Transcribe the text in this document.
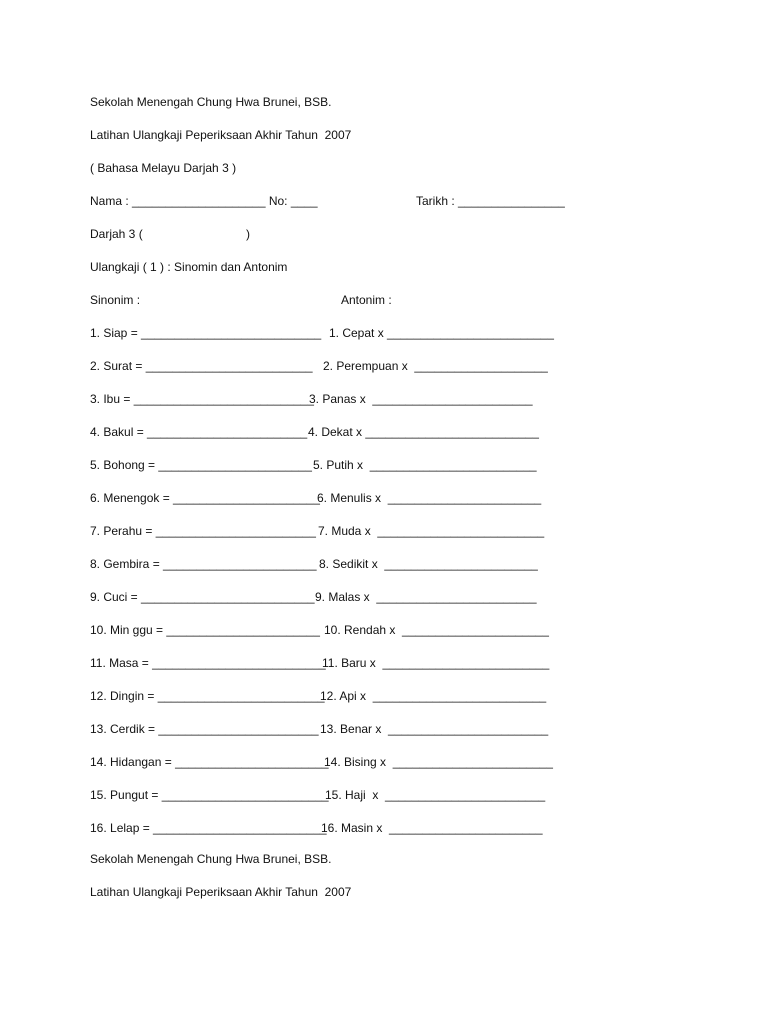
Sekolah Menengah Chung Hwa Brunei, BSB.
Latihan Ulangkaji Peperiksaan Akhir Tahun  2007
( Bahasa Melayu Darjah 3 )
Nama : ____________________ No: ____	Tarikh : ________________
Darjah 3 (                               )
Ulangkaji ( 1 ) : Sinomin dan Antonim
Sinonim :	Antonim :
1. Siap = ___________________________ 1. Cepat x _________________________
2. Surat = _________________________ 2. Perempuan x  ____________________
3. Ibu = ___________________________
3. Panas x  ________________________
4. Bakul = ________________________ 4. Dekat x __________________________
5. Bohong = _______________________ 5. Putih x  _________________________
6. Menengok = ______________________
6. Menulis x  _______________________
7. Perahu = ________________________ 7. Muda x  _________________________
8. Gembira = _______________________ 8. Sedikit x  _______________________
9. Cuci = __________________________ 9. Malas x  ________________________
10. Min ggu = _______________________ 10. Rendah x  ______________________
11. Masa = __________________________
11. Baru x  _________________________
12. Dingin = _________________________
12. Api x  __________________________
13. Cerdik = ________________________ 13. Benar x  ________________________
14. Hidangan = _______________________
14. Bising x  ________________________
15. Pungut = _________________________
15. Haji  x  ________________________
16. Lelap = __________________________
16. Masin x  _______________________
Sekolah Menengah Chung Hwa Brunei, BSB.
Latihan Ulangkaji Peperiksaan Akhir Tahun  2007
